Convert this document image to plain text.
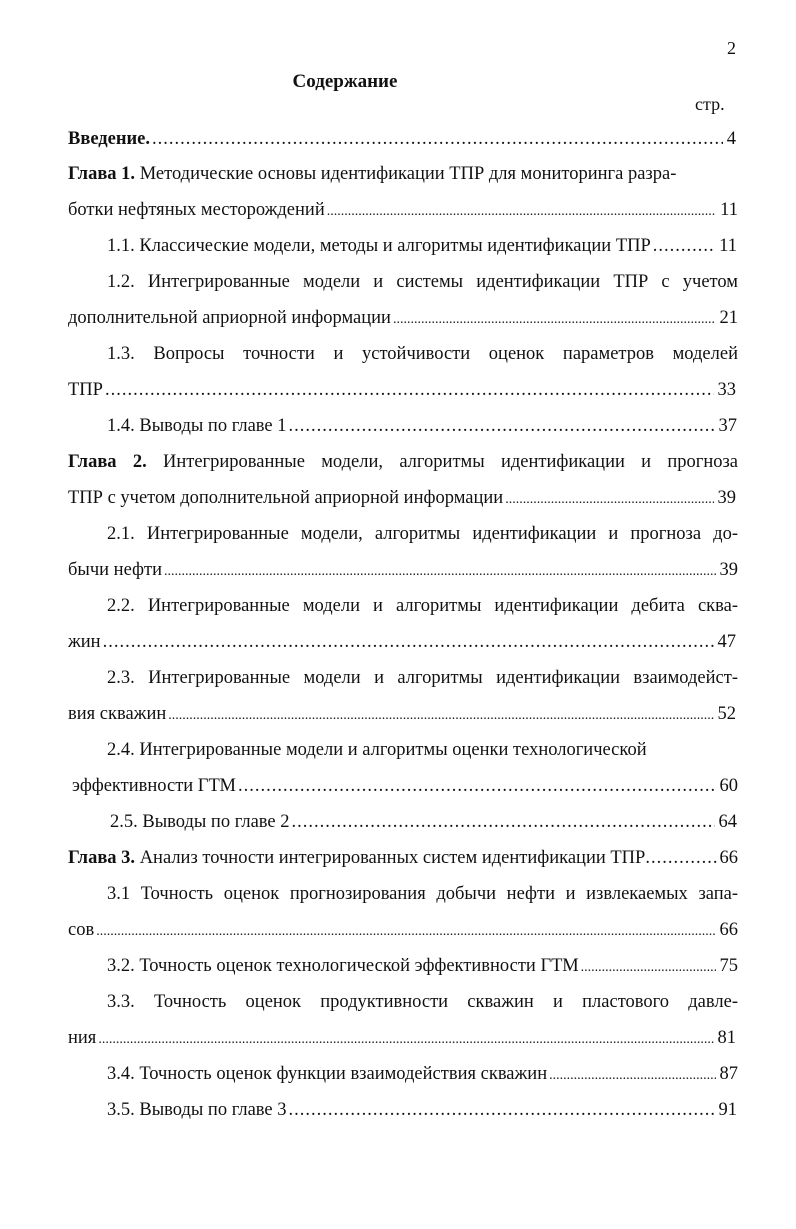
2
Содержание
стр.
Введение. .....	4
Глава 1. Методические основы идентификации ТПР для мониторинга разра-
ботки нефтяных месторождений .....	11
1.1. Классические модели, методы и алгоритмы идентификации ТПР .....	11
1.2. Интегрированные модели и системы идентификации ТПР с учетом
дополнительной априорной информации .....	21
1.3. Вопросы точности и устойчивости оценок параметров моделей
ТПР .....	33
1.4. Выводы по главе 1 .....	37
Глава 2. Интегрированные модели, алгоритмы идентификации и прогноза
ТПР с учетом дополнительной априорной информации .....	39
2.1. Интегрированные модели, алгоритмы идентификации и прогноза до-
бычи нефти .....	39
2.2. Интегрированные модели и алгоритмы идентификации дебита сква-
жин .....	47
2.3. Интегрированные модели и алгоритмы идентификации взаимодейст-
вия скважин .....	52
2.4. Интегрированные модели и алгоритмы оценки технологической
эффективности ГТМ .....	60
2.5. Выводы по главе 2 .....	64
Глава 3. Анализ точности интегрированных систем идентификации ТПР .....	66
3.1 Точность оценок прогнозирования добычи нефти и извлекаемых запа-
сов .....	66
3.2. Точность оценок технологической эффективности ГТМ .....	75
3.3. Точность оценок продуктивности скважин и пластового давле-
ния .....	81
3.4. Точность оценок функции взаимодействия скважин .....	87
3.5. Выводы по главе 3 .....	91
